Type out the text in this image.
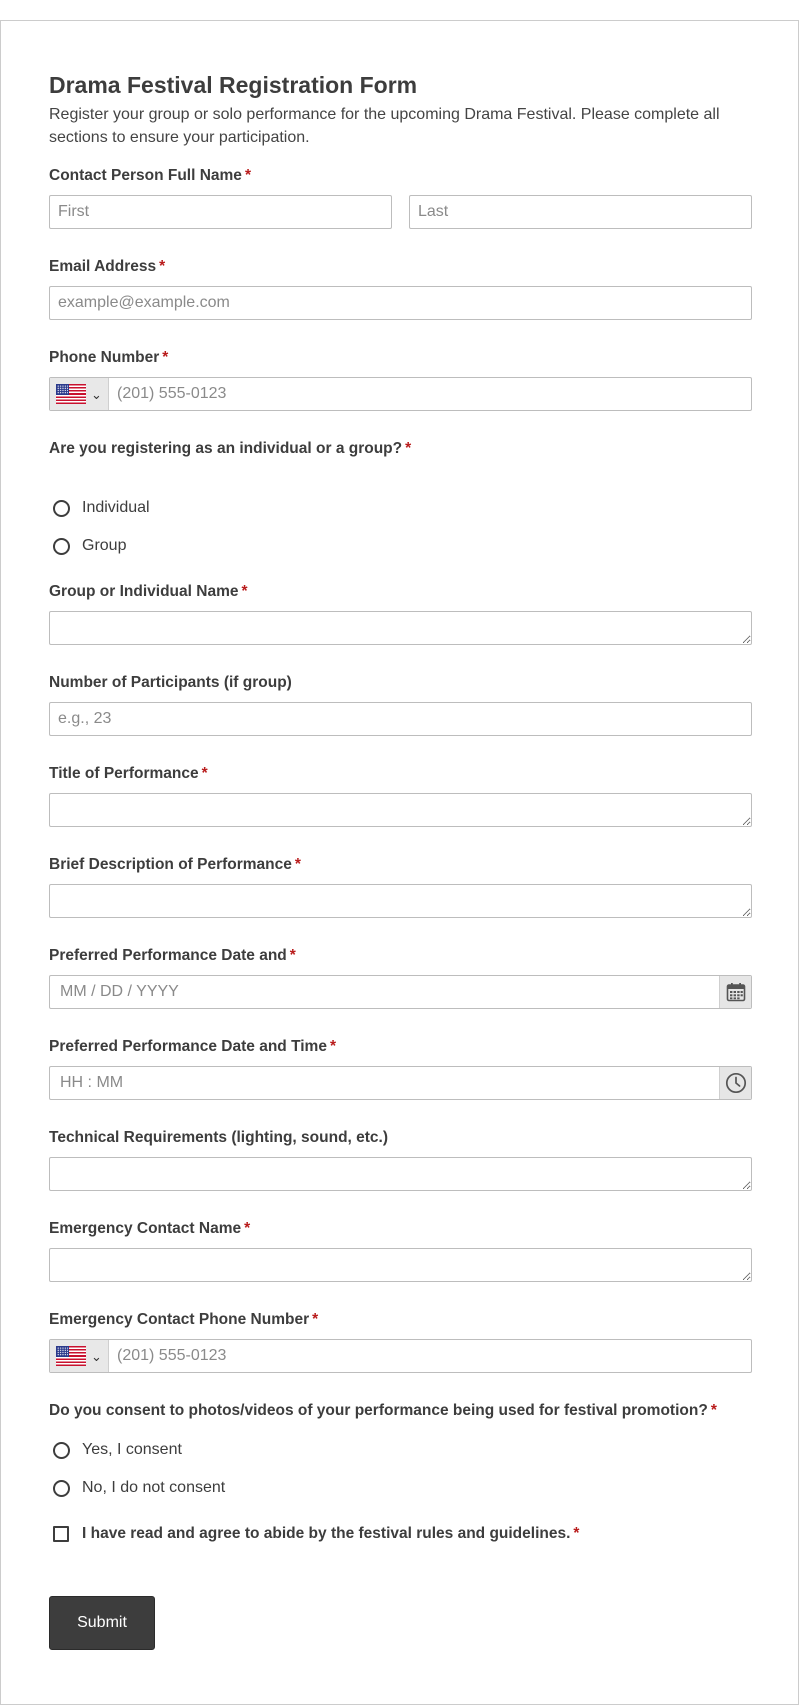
Drama Festival Registration Form
Register your group or solo performance for the upcoming Drama Festival. Please complete all sections to ensure your participation.
Contact Person Full Name *
First
Last
Email Address *
example@example.com
Phone Number *
⌄
(201) 555-0123
Are you registering as an individual or a group? *
Individual
Group
Group or Individual Name *
Number of Participants (if group)
e.g., 23
Title of Performance *
Brief Description of Performance *
Preferred Performance Date and *
MM / DD / YYYY
Preferred Performance Date and Time *
HH : MM
Technical Requirements (lighting, sound, etc.)
Emergency Contact Name *
Emergency Contact Phone Number *
⌄
(201) 555-0123
Do you consent to photos/videos of your performance being used for festival promotion? *
Yes, I consent
No, I do not consent
I have read and agree to abide by the festival rules and guidelines. *
Submit
